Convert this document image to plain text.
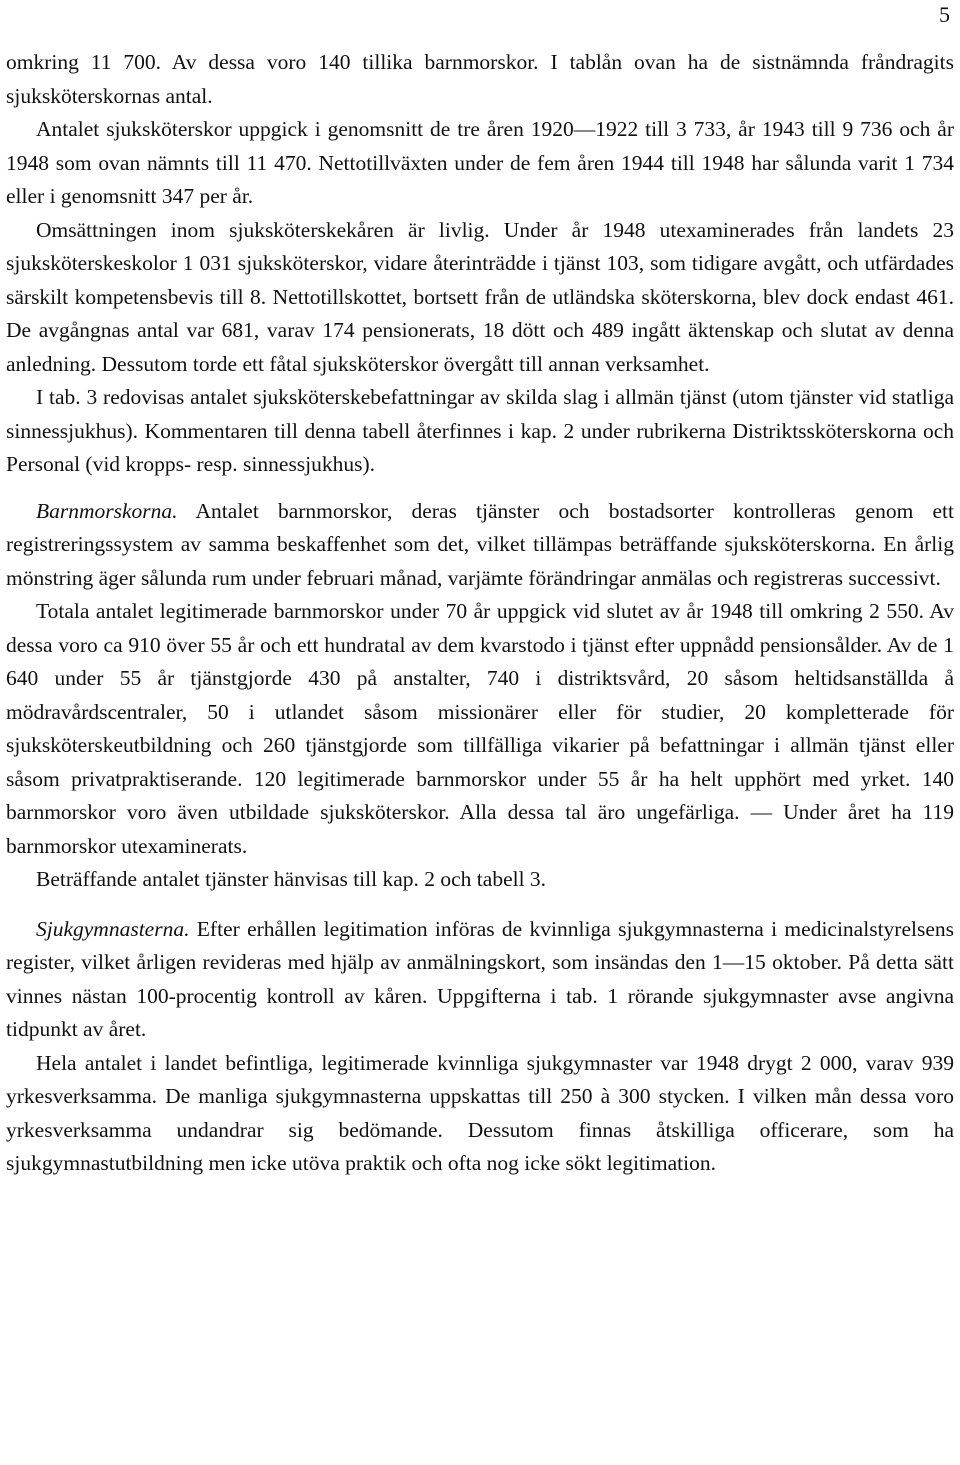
5

omkring 11 700. Av dessa voro 140 tillika barnmorskor. I tablån ovan ha de sistnämnda fråndragits sjuksköterskornas antal.

Antalet sjuksköterskor uppgick i genomsnitt de tre åren 1920—1922 till 3 733, år 1943 till 9 736 och år 1948 som ovan nämnts till 11 470. Nettotillväxten under de fem åren 1944 till 1948 har sålunda varit 1 734 eller i genomsnitt 347 per år.

Omsättningen inom sjuksköterskekåren är livlig. Under år 1948 utexaminerades från landets 23 sjuksköterskeskolor 1 031 sjuksköterskor, vidare återinträdde i tjänst 103, som tidigare avgått, och utfärdades särskilt kompetensbevis till 8. Nettotillskottet, bortsett från de utländska sköterskorna, blev dock endast 461. De avgångnas antal var 681, varav 174 pensionerats, 18 dött och 489 ingått äktenskap och slutat av denna anledning. Dessutom torde ett fåtal sjuksköterskor övergått till annan verksamhet.

I tab. 3 redovisas antalet sjuksköterskebefattningar av skilda slag i allmän tjänst (utom tjänster vid statliga sinnessjukhus). Kommentaren till denna tabell återfinnes i kap. 2 under rubrikerna Distriktssköterskorna och Personal (vid kropps- resp. sinnessjukhus).

Barnmorskorna. Antalet barnmorskor, deras tjänster och bostadsorter kontrolleras genom ett registreringssystem av samma beskaffenhet som det, vilket tillämpas beträffande sjuksköterskorna. En årlig mönstring äger sålunda rum under februari månad, varjämte förändringar anmälas och registreras successivt.

Totala antalet legitimerade barnmorskor under 70 år uppgick vid slutet av år 1948 till omkring 2 550. Av dessa voro ca 910 över 55 år och ett hundratal av dem kvarstodo i tjänst efter uppnådd pensionsålder. Av de 1 640 under 55 år tjänstgjorde 430 på anstalter, 740 i distriktsvård, 20 såsom heltidsanställda å mödravårdscentraler, 50 i utlandet såsom missionärer eller för studier, 20 kompletterade för sjuksköterskeutbildning och 260 tjänstgjorde som tillfälliga vikarier på befattningar i allmän tjänst eller såsom privatpraktiserande. 120 legitimerade barnmorskor under 55 år ha helt upphört med yrket. 140 barnmorskor voro även utbildade sjuksköterskor. Alla dessa tal äro ungefärliga. — Under året ha 119 barnmorskor utexaminerats.

Beträffande antalet tjänster hänvisas till kap. 2 och tabell 3.

Sjukgymnasterna. Efter erhållen legitimation införas de kvinnliga sjukgymnasterna i medicinalstyrelsens register, vilket årligen revideras med hjälp av anmälningskort, som insändas den 1—15 oktober. På detta sätt vinnes nästan 100-procentig kontroll av kåren. Uppgifterna i tab. 1 rörande sjukgymnaster avse angivna tidpunkt av året.

Hela antalet i landet befintliga, legitimerade kvinnliga sjukgymnaster var 1948 drygt 2 000, varav 939 yrkesverksamma. De manliga sjukgymnasterna uppskattas till 250 à 300 stycken. I vilken mån dessa voro yrkesverksamma undandrar sig bedömande. Dessutom finnas åtskilliga officerare, som ha sjukgymnastutbildning men icke utöva praktik och ofta nog icke sökt legitimation.
